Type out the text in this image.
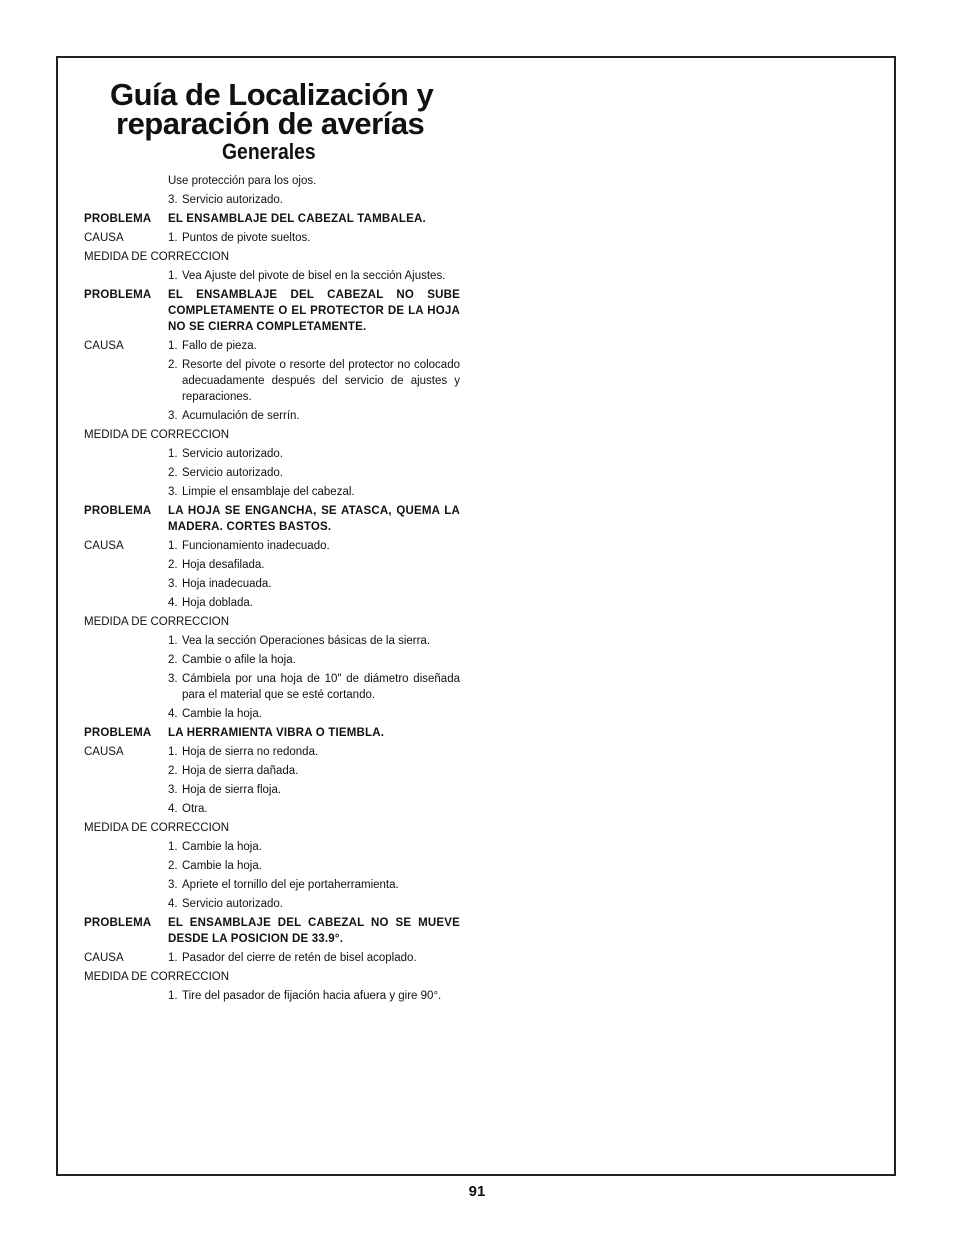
Guía de Localización y
reparación de averías
Generales
Use protección para los ojos.
3. Servicio autorizado.
PROBLEMA	EL ENSAMBLAJE DEL CABEZAL TAMBALEA.
CAUSA	1. Puntos de pivote sueltos.
MEDIDA DE CORRECCION
1. Vea Ajuste del pivote de bisel en la sección Ajustes.
PROBLEMA	EL ENSAMBLAJE DEL CABEZAL NO SUBE COMPLETAMENTE O EL PROTECTOR DE LA HOJA NO SE CIERRA COMPLETAMENTE.
CAUSA	1. Fallo de pieza.
2. Resorte del pivote o resorte del protector no colocado adecuadamente después del servicio de ajustes y reparaciones.
3. Acumulación de serrín.
MEDIDA DE CORRECCION
1. Servicio autorizado.
2. Servicio autorizado.
3. Limpie el ensamblaje del cabezal.
PROBLEMA	LA HOJA SE ENGANCHA, SE ATASCA, QUEMA LA MADERA. CORTES BASTOS.
CAUSA	1. Funcionamiento inadecuado.
2. Hoja desafilada.
3. Hoja inadecuada.
4. Hoja doblada.
MEDIDA DE CORRECCION
1. Vea la sección Operaciones básicas de la sierra.
2. Cambie o afile la hoja.
3. Cámbiela por una hoja de 10" de diámetro diseñada para el material que se esté cortando.
4. Cambie la hoja.
PROBLEMA	LA HERRAMIENTA VIBRA O TIEMBLA.
CAUSA	1. Hoja de sierra no redonda.
2. Hoja de sierra dañada.
3. Hoja de sierra floja.
4. Otra.
MEDIDA DE CORRECCION
1. Cambie la hoja.
2. Cambie la hoja.
3. Apriete el tornillo del eje portaherramienta.
4. Servicio autorizado.
PROBLEMA	EL ENSAMBLAJE DEL CABEZAL NO SE MUEVE DESDE LA POSICION DE 33.9°.
CAUSA	1. Pasador del cierre de retén de bisel acoplado.
MEDIDA DE CORRECCION
1. Tire del pasador de fijación hacia afuera y gire 90°.
91
